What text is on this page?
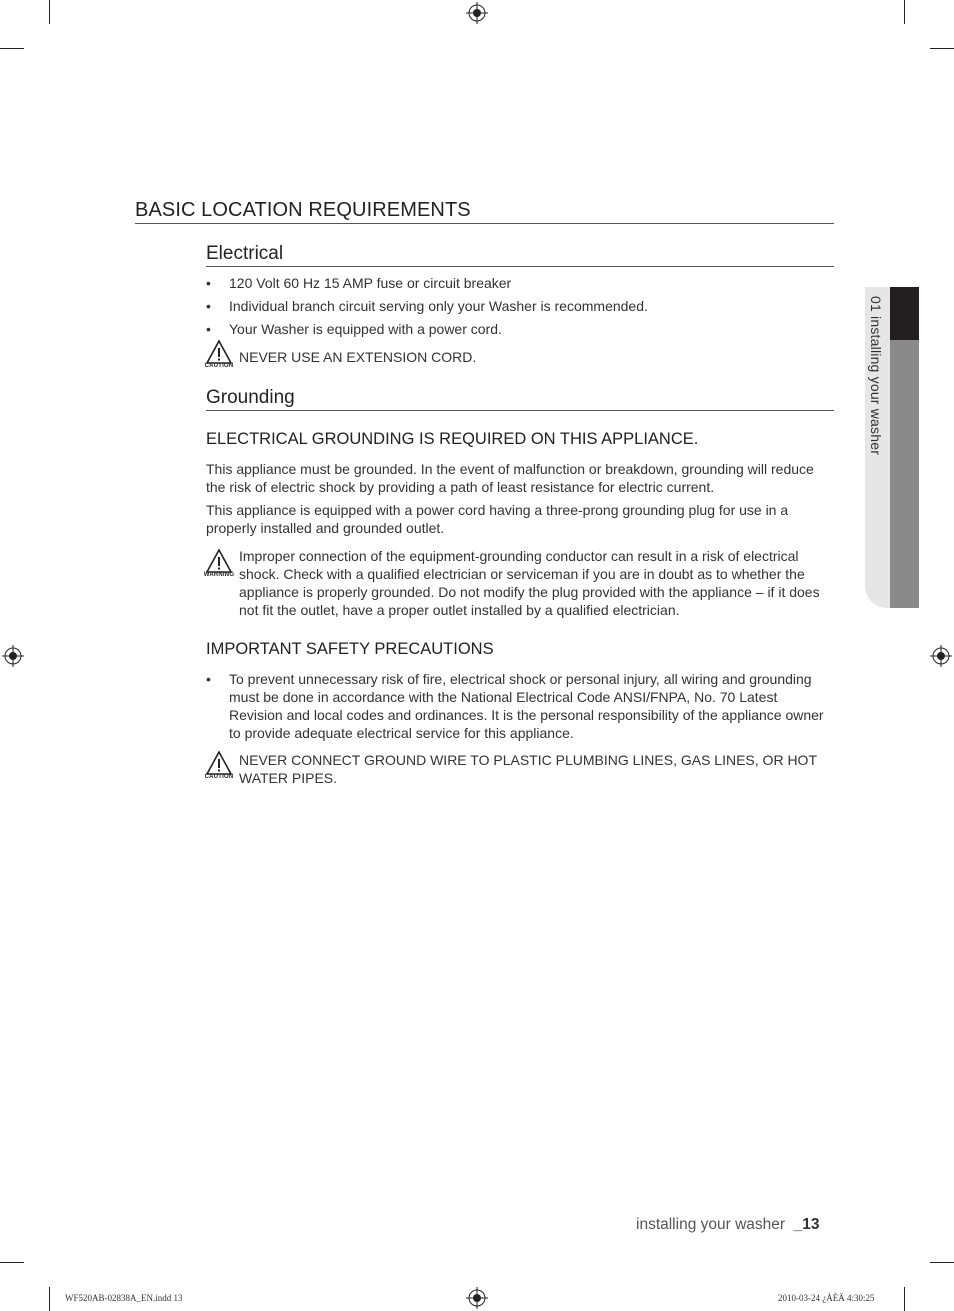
BASIC LOCATION REQUIREMENTS
Electrical
• 120 Volt 60 Hz 15 AMP fuse or circuit breaker
• Individual branch circuit serving only your Washer is recommended.
• Your Washer is equipped with a power cord.
CAUTION
NEVER USE AN EXTENSION CORD.
Grounding
ELECTRICAL GROUNDING IS REQUIRED ON THIS APPLIANCE.

This appliance must be grounded. In the event of malfunction or breakdown, grounding will reduce the risk of electric shock by providing a path of least resistance for electric current.

This appliance is equipped with a power cord having a three-prong grounding plug for use in a properly installed and grounded outlet.

WARNING
Improper connection of the equipment-grounding conductor can result in a risk of electrical shock. Check with a qualified electrician or serviceman if you are in doubt as to whether the appliance is properly grounded. Do not modify the plug provided with the appliance – if it does not fit the outlet, have a proper outlet installed by a qualified electrician.
IMPORTANT SAFETY PRECAUTIONS
• To prevent unnecessary risk of fire, electrical shock or personal injury, all wiring and grounding must be done in accordance with the National Electrical Code ANSI/FNPA, No. 70 Latest Revision and local codes and ordinances. It is the personal responsibility of the appliance owner to provide adequate electrical service for this appliance.
CAUTION
NEVER CONNECT GROUND WIRE TO PLASTIC PLUMBING LINES, GAS LINES, OR HOT WATER PIPES.
01 installing your washer
installing your washer _13
WF520AB-02838A_EN.indd 13	2010-03-24 ¿ÀÈÄ 4:30:25
